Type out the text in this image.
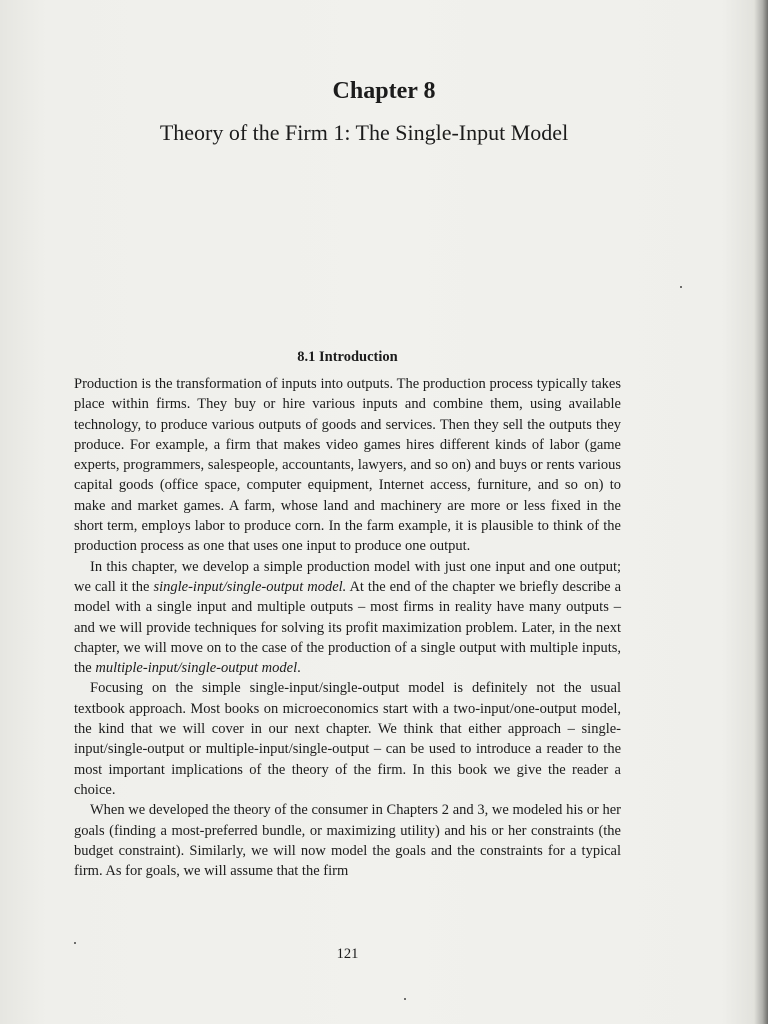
Chapter 8
Theory of the Firm 1: The Single-Input Model
8.1 Introduction

Production is the transformation of inputs into outputs. The production process typically takes place within firms. They buy or hire various inputs and combine them, using available technology, to produce various outputs of goods and services. Then they sell the outputs they produce. For example, a firm that makes video games hires different kinds of labor (game experts, programmers, salespeople, accountants, lawyers, and so on) and buys or rents various capital goods (office space, computer equipment, Internet access, furniture, and so on) to make and market games. A farm, whose land and machinery are more or less fixed in the short term, employs labor to produce corn. In the farm example, it is plausible to think of the production process as one that uses one input to produce one output.

In this chapter, we develop a simple production model with just one input and one output; we call it the single-input/single-output model. At the end of the chapter we briefly describe a model with a single input and multiple outputs – most firms in reality have many outputs – and we will provide techniques for solving its profit maximization problem. Later, in the next chapter, we will move on to the case of the production of a single output with multiple inputs, the multiple-input/single-output model.

Focusing on the simple single-input/single-output model is definitely not the usual textbook approach. Most books on microeconomics start with a two-input/one-output model, the kind that we will cover in our next chapter. We think that either approach – single-input/single-output or multiple-input/single-output – can be used to introduce a reader to the most important implications of the theory of the firm. In this book we give the reader a choice.

When we developed the theory of the consumer in Chapters 2 and 3, we modeled his or her goals (finding a most-preferred bundle, or maximizing utility) and his or her constraints (the budget constraint). Similarly, we will now model the goals and the constraints for a typical firm. As for goals, we will assume that the firm

121
